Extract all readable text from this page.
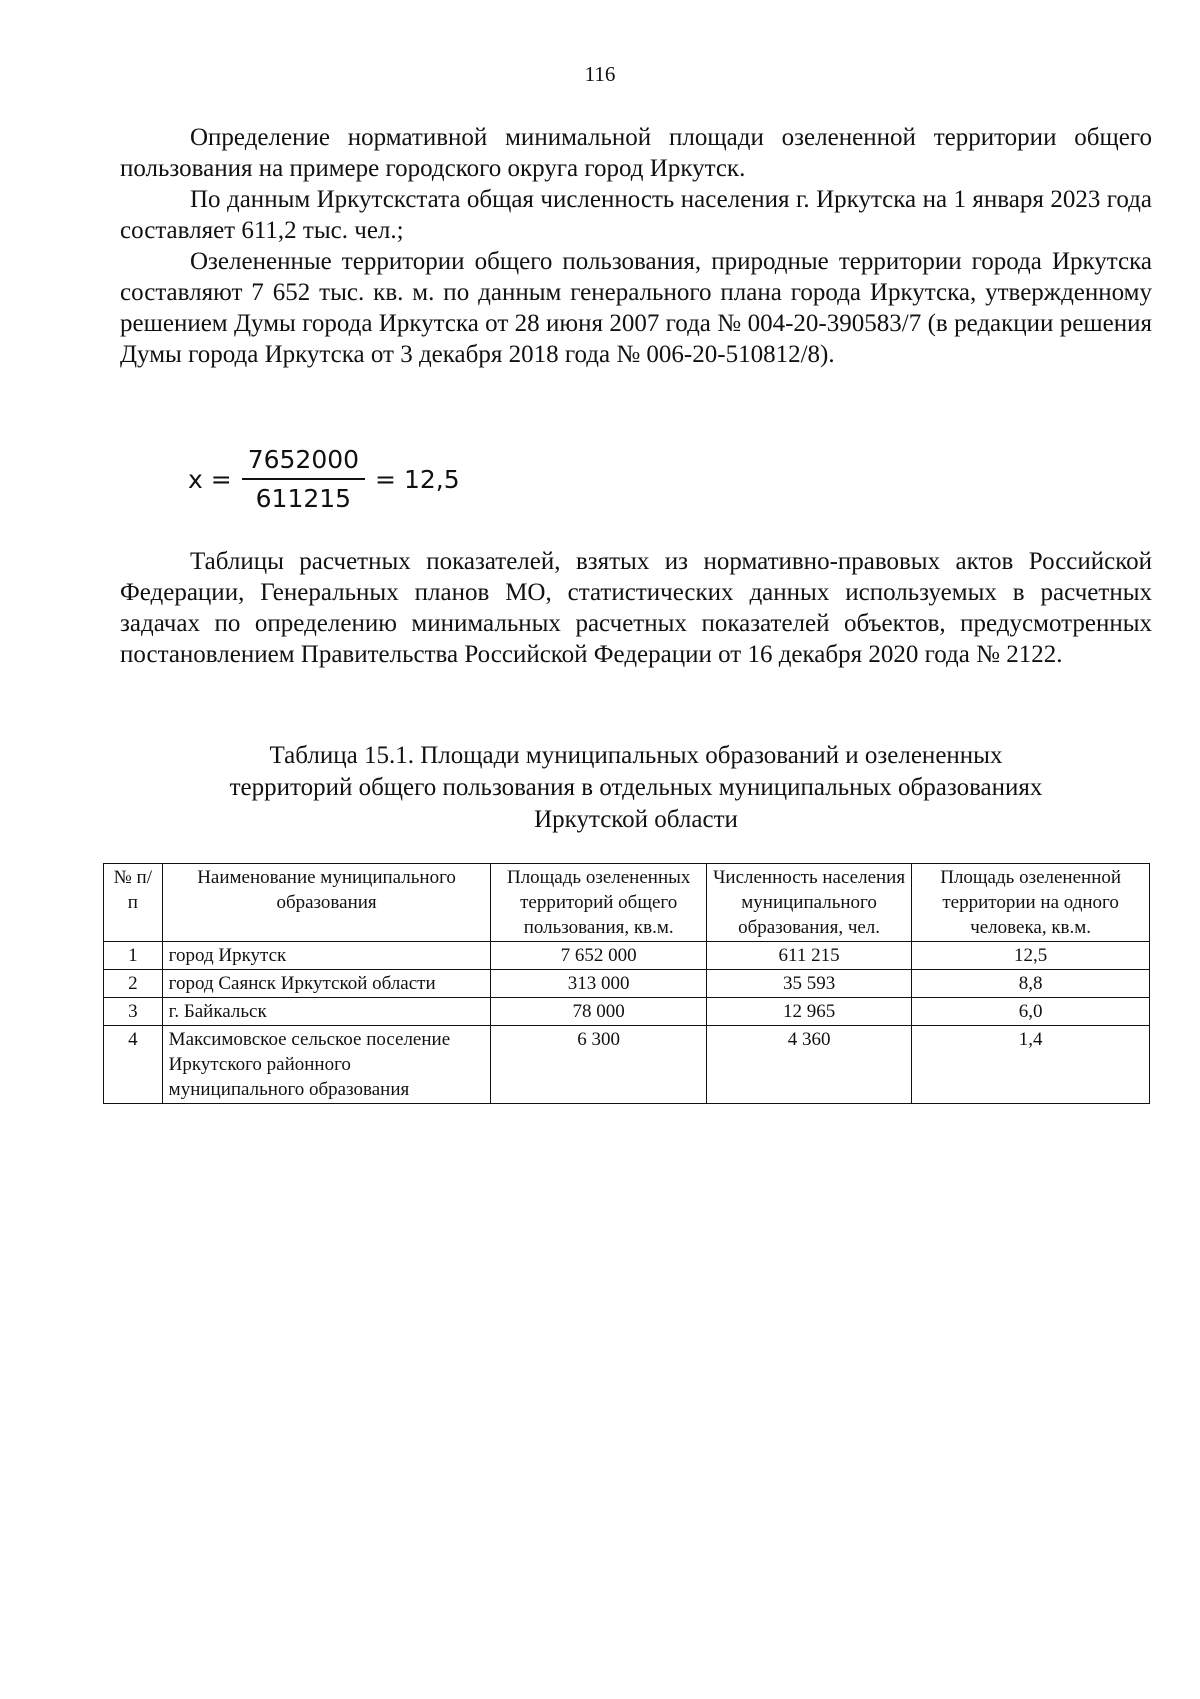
116

Определение нормативной минимальной площади озелененной территории общего пользования на примере городского округа город Иркутск.

По данным Иркутскстата общая численность населения г. Иркутска на 1 января 2023 года составляет 611,2 тыс. чел.;

Озелененные территории общего пользования, природные территории города Иркутска составляют 7 652 тыс. кв. м. по данным генерального плана города Иркутска, утвержденному решением Думы города Иркутска от 28 июня 2007 года № 004-20-390583/7 (в редакции решения Думы города Иркутска от 3 декабря 2018 года № 006-20-510812/8).

$x = \frac{7652000}{611215} = 12,5$

Таблицы расчетных показателей, взятых из нормативно-правовых актов Российской Федерации, Генеральных планов МО, статистических данных используемых в расчетных задачах по определению минимальных расчетных показателей объектов, предусмотренных постановлением Правительства Российской Федерации от 16 декабря 2020 года № 2122.

Таблица 15.1. Площади муниципальных образований и озелененных
территорий общего пользования в отдельных муниципальных образованиях
Иркутской области
№ п/п	Наименование муниципального образования	Площадь озелененных территорий общего пользования, кв.м.	Численность населения муниципального образования, чел.	Площадь озелененной территории на одного человека, кв.м.
1	город Иркутск	7 652 000	611 215	12,5
2	город Саянск Иркутской области	313 000	35 593	8,8
3	г. Байкальск	78 000	12 965	6,0
4	Максимовское сельское поселение Иркутского районного муниципального образования	6 300	4 360	1,4
